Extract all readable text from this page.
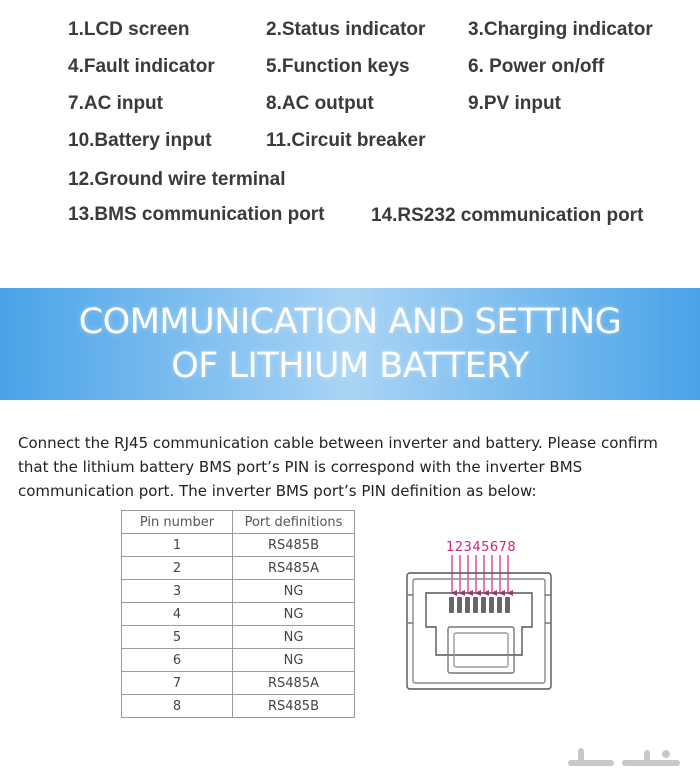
1.LCD screen	2.Status indicator 3.Charging indicator
4.Fault indicator	5.Function keys	6. Power on/off
7.AC input	8.AC output	9.PV input
10.Battery input	11.Circuit breaker
12.Ground wire terminal
13.BMS communication port 14.RS232 communication port
COMMUNICATION AND SETTING
OF LITHIUM BATTERY
Connect the RJ45 communication cable between inverter and battery. Please confirm that the lithium battery BMS port’s PIN is correspond with the inverter BMS communication port. The inverter BMS port’s PIN definition as below:
Pin number	Port definitions
1	RS485B
2	RS485A
3	NG
4	NG
5	NG
6	NG
7	RS485A
8	RS485B
12345678
